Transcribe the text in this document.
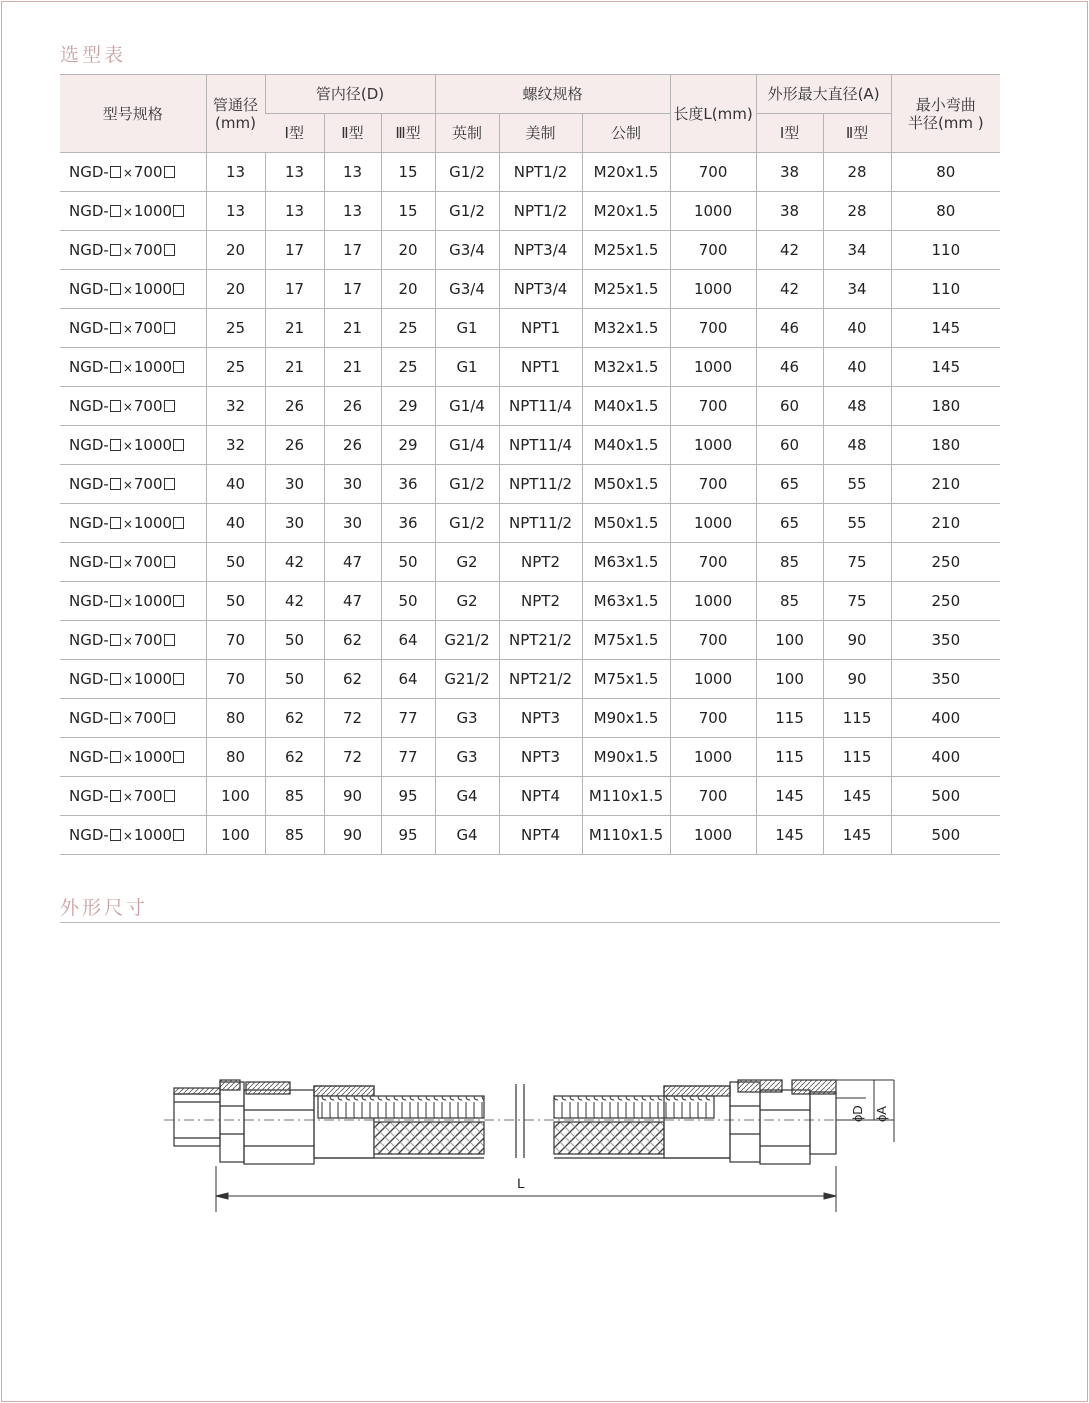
选型表
型号规格	管通径
(mm)	管内径(D)			螺纹规格			长度L(mm)	外形最大直径(A)		最小弯曲
半径(mm )
		Ⅰ型	Ⅱ型	Ⅲ型	英制	美制	公制		Ⅰ型	Ⅱ型	
NGD- ×700	13	13	13	15	G1/2	NPT1/2	M20x1.5	700	38	28	80
NGD- ×1000	13	13	13	15	G1/2	NPT1/2	M20x1.5	1000	38	28	80
NGD- ×700	20	17	17	20	G3/4	NPT3/4	M25x1.5	700	42	34	110
NGD- ×1000	20	17	17	20	G3/4	NPT3/4	M25x1.5	1000	42	34	110
NGD- ×700	25	21	21	25	G1	NPT1	M32x1.5	700	46	40	145
NGD- ×1000	25	21	21	25	G1	NPT1	M32x1.5	1000	46	40	145
NGD- ×700	32	26	26	29	G1/4	NPT11/4	M40x1.5	700	60	48	180
NGD- ×1000	32	26	26	29	G1/4	NPT11/4	M40x1.5	1000	60	48	180
NGD- ×700	40	30	30	36	G1/2	NPT11/2	M50x1.5	700	65	55	210
NGD- ×1000	40	30	30	36	G1/2	NPT11/2	M50x1.5	1000	65	55	210
NGD- ×700	50	42	47	50	G2	NPT2	M63x1.5	700	85	75	250
NGD- ×1000	50	42	47	50	G2	NPT2	M63x1.5	1000	85	75	250
NGD- ×700	70	50	62	64	G21/2	NPT21/2	M75x1.5	700	100	90	350
NGD- ×1000	70	50	62	64	G21/2	NPT21/2	M75x1.5	1000	100	90	350
NGD- ×700	80	62	72	77	G3	NPT3	M90x1.5	700	115	115	400
NGD- ×1000	80	62	72	77	G3	NPT3	M90x1.5	1000	115	115	400
NGD- ×700	100	85	90	95	G4	NPT4	M110x1.5	700	145	145	500
NGD- ×1000	100	85	90	95	G4	NPT4	M110x1.5	1000	145	145	500
外形尺寸
L
ϕD ϕA
